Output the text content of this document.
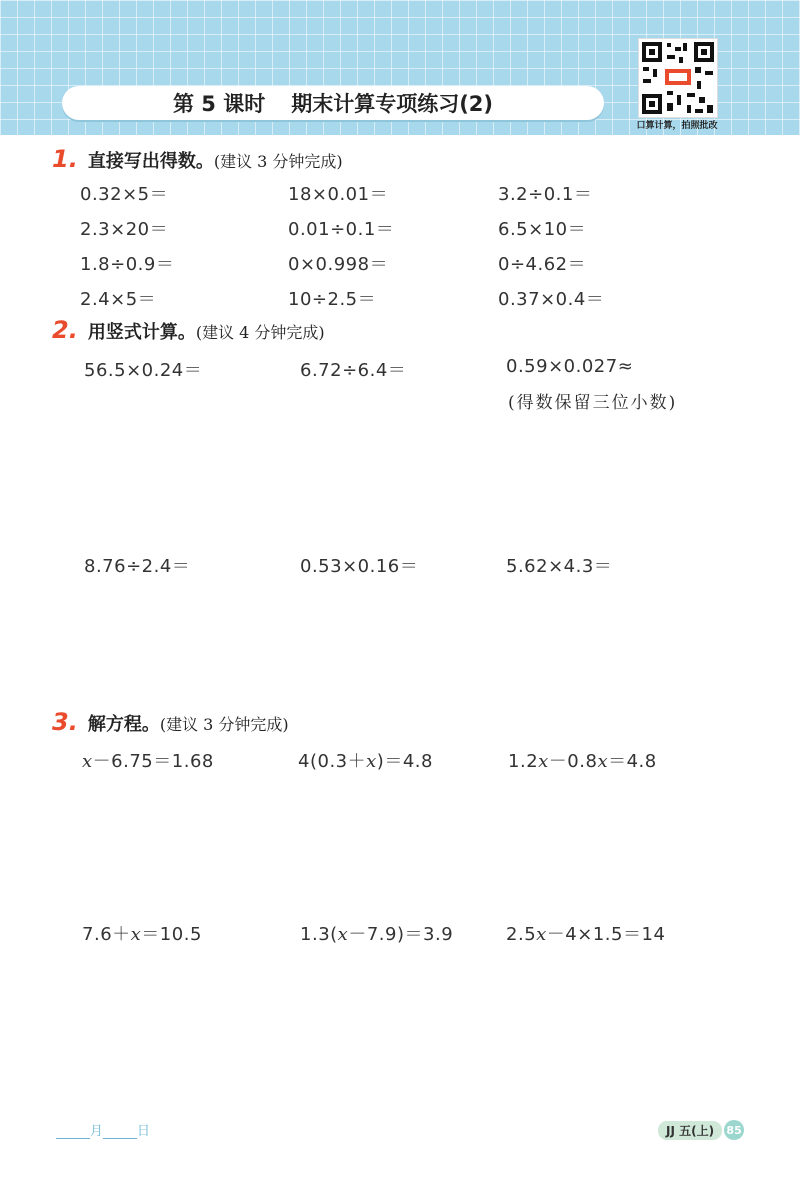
第 5 课时 期末计算专项练习(2)
口算计算，拍照批改
1. 直接写出得数。 (建议 3 分钟完成)
0.32×5＝	18×0.01＝	3.2÷0.1＝
2.3×20＝	0.01÷0.1＝	6.5×10＝
1.8÷0.9＝	0×0.998＝	0÷4.62＝
2.4×5＝	10÷2.5＝	0.37×0.4＝
2. 用竖式计算。 (建议 4 分钟完成)
56.5×0.24＝	6.72÷6.4＝	0.59×0.027≈
(得数保留三位小数)
8.76÷2.4＝	0.53×0.16＝	5.62×4.3＝
3. 解方程。 (建议 3 分钟完成)
x－6.75＝1.68	4(0.3＋x)＝4.8	1.2x－0.8x＝4.8
7.6＋x＝10.5	1.3(x－7.9)＝3.9	2.5x－4×1.5＝14
月	日	JJ 五(上)	85
